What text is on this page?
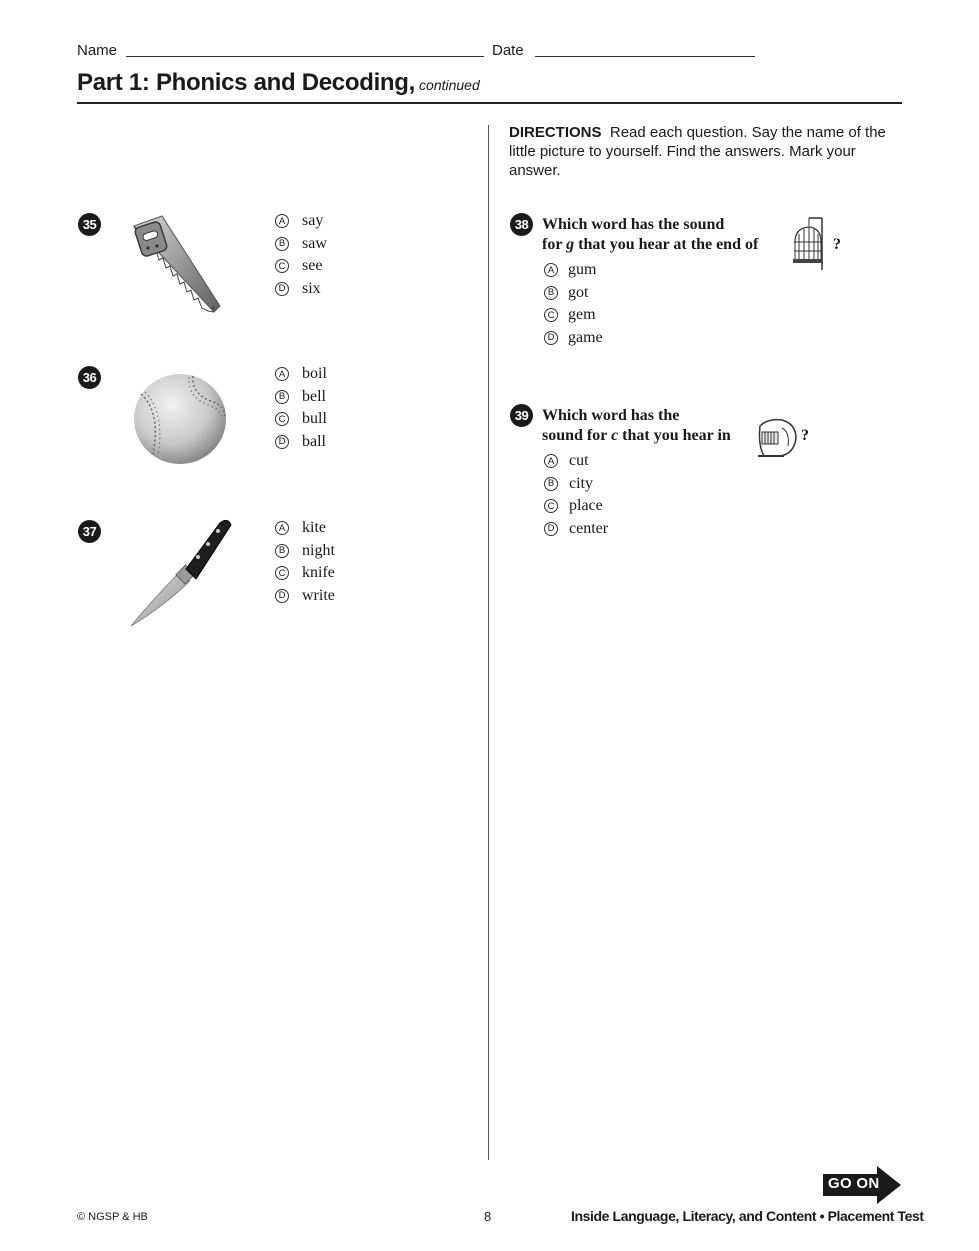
Name	Date
Part 1: Phonics and Decoding, continued
DIRECTIONS Read each question. Say the name of the little picture to yourself. Find the answers. Mark your answer.
35	A say
B saw
C see
D six
36	A boil
B bell
C bull
D ball
37	A kite
B night
C knife
D write
38 Which word has the sound
for g that you hear at the end of	?
A gum
B got
C gem
D game
39 Which word has the
sound for c that you hear in	?
A cut
B city
C place
D center
GO ON
© NGSP & HB	8	Inside Language, Literacy, and Content • Placement Test
